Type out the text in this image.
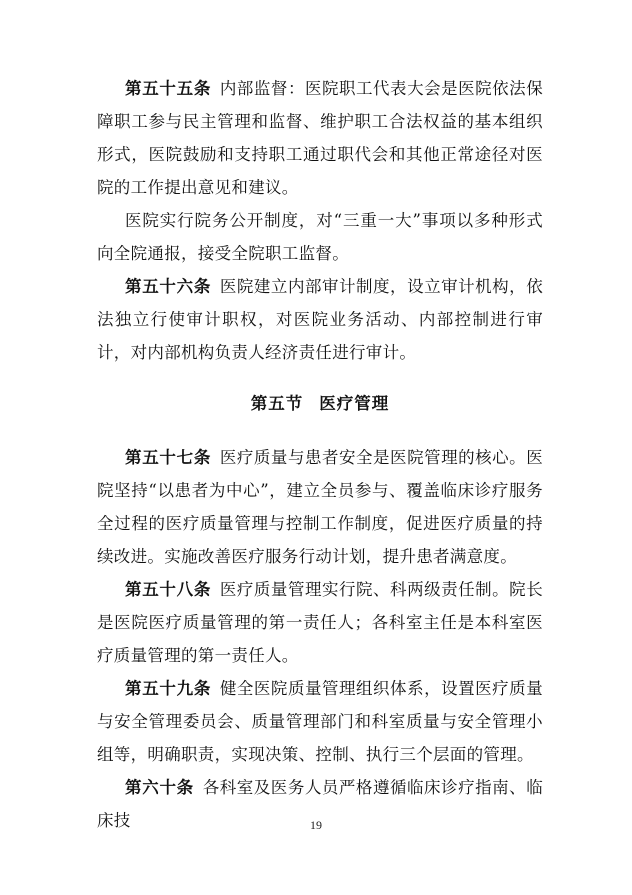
第五十五条  内部监督：医院职工代表大会是医院依法保障职工参与民主管理和监督、维护职工合法权益的基本组织形式，医院鼓励和支持职工通过职代会和其他正常途径对医院的工作提出意见和建议。

医院实行院务公开制度，对“三重一大”事项以多种形式向全院通报，接受全院职工监督。

第五十六条  医院建立内部审计制度，设立审计机构，依法独立行使审计职权，对医院业务活动、内部控制进行审计，对内部机构负责人经济责任进行审计。

第五节 医疗管理

第五十七条  医疗质量与患者安全是医院管理的核心。医院坚持“以患者为中心”，建立全员参与、覆盖临床诊疗服务全过程的医疗质量管理与控制工作制度，促进医疗质量的持续改进。实施改善医疗服务行动计划，提升患者满意度。

第五十八条  医疗质量管理实行院、科两级责任制。院长是医院医疗质量管理的第一责任人；各科室主任是本科室医疗质量管理的第一责任人。

第五十九条  健全医院质量管理组织体系，设置医疗质量与安全管理委员会、质量管理部门和科室质量与安全管理小组等，明确职责，实现决策、控制、执行三个层面的管理。

第六十条  各科室及医务人员严格遵循临床诊疗指南、临床技	19
